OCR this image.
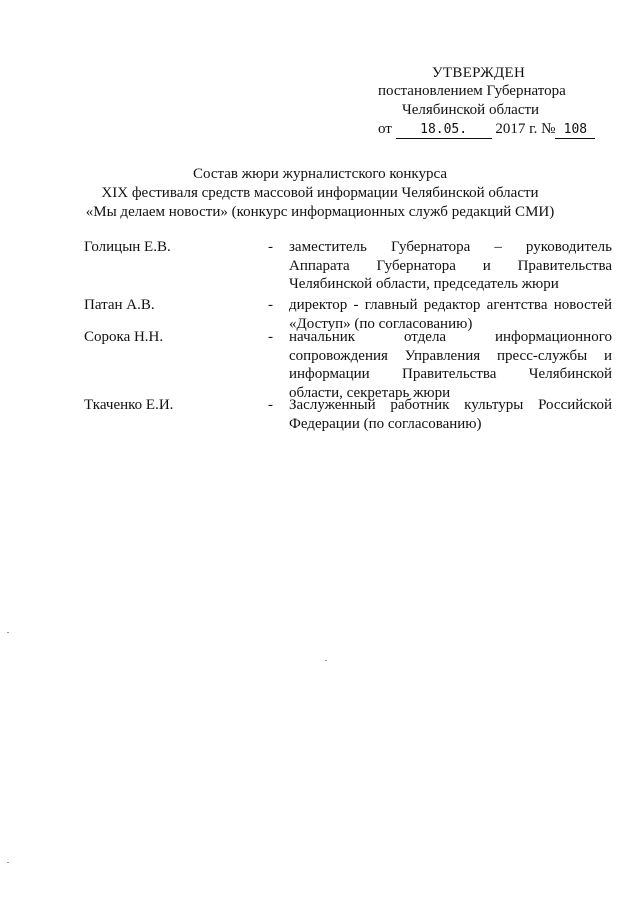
УТВЕРЖДЕН
постановлением Губернатора
Челябинской области
от 18.05. 2017 г. № 108
Состав жюри журналистского конкурса
XIX фестиваля средств массовой информации Челябинской области
«Мы делаем новости» (конкурс информационных служб редакций СМИ)
Голицын Е.В.	- заместитель Губернатора – руководитель Аппарата Губернатора и Правительства Челябинской области, председатель жюри
Патан А.В.	- директор - главный редактор агентства новостей «Доступ» (по согласованию)
Сорока Н.Н.	- начальник отдела информационного сопровождения Управления пресс-службы и информации Правительства Челябинской области, секретарь жюри
Ткаченко Е.И.	- Заслуженный работник культуры Российской Федерации (по согласованию)
